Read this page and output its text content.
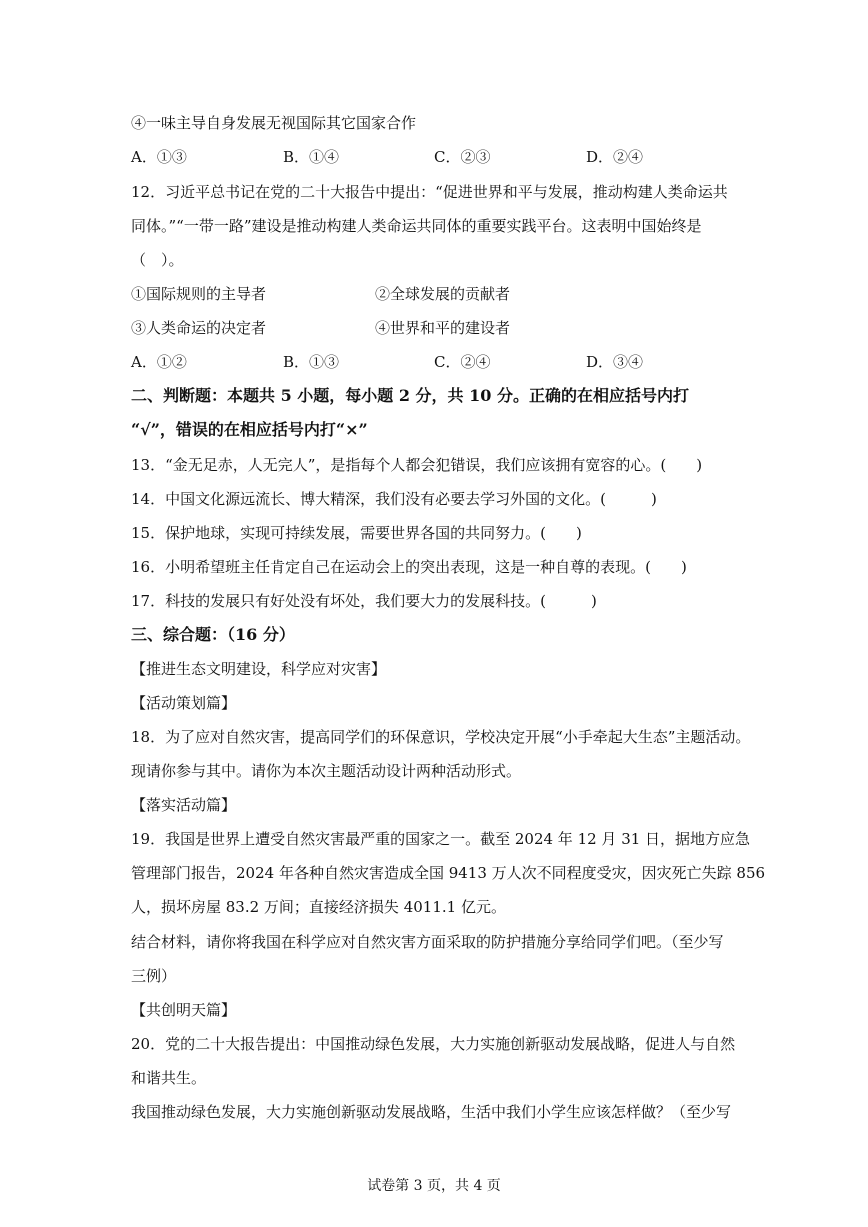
④一味主导自身发展无视国际其它国家合作
A．①③	B．①④	C．②③	D．②④
12．习近平总书记在党的二十大报告中提出：“促进世界和平与发展，推动构建人类命运共
同体。”“一带一路”建设是推动构建人类命运共同体的重要实践平台。这表明中国始终是
（　）。
①国际规则的主导者	②全球发展的贡献者
③人类命运的决定者	④世界和平的建设者
A．①②	B．①③	C．②④	D．③④
二、判断题：本题共 5 小题，每小题 2 分，共 10 分。正确的在相应括号内打
“√”，错误的在相应括号内打“×”
13．“金无足赤，人无完人”，是指每个人都会犯错误，我们应该拥有宽容的心。(　　)
14．中国文化源远流长、博大精深，我们没有必要去学习外国的文化。(　　　)
15．保护地球，实现可持续发展，需要世界各国的共同努力。(　　)
16．小明希望班主任肯定自己在运动会上的突出表现，这是一种自尊的表现。(　　)
17．科技的发展只有好处没有坏处，我们要大力的发展科技。(　　　)
三、综合题：（16 分）
【推进生态文明建设，科学应对灾害】
【活动策划篇】
18．为了应对自然灾害，提高同学们的环保意识，学校决定开展“小手牵起大生态”主题活动。
现请你参与其中。请你为本次主题活动设计两种活动形式。
【落实活动篇】
19．我国是世界上遭受自然灾害最严重的国家之一。截至 2024 年 12 月 31 日，据地方应急
管理部门报告，2024 年各种自然灾害造成全国 9413 万人次不同程度受灾，因灾死亡失踪 856
人，损坏房屋 83.2 万间；直接经济损失 4011.1 亿元。
结合材料，请你将我国在科学应对自然灾害方面采取的防护措施分享给同学们吧。（至少写
三例）
【共创明天篇】
20．党的二十大报告提出：中国推动绿色发展，大力实施创新驱动发展战略，促进人与自然
和谐共生。
我国推动绿色发展，大力实施创新驱动发展战略，生活中我们小学生应该怎样做？（至少写
试卷第 3 页，共 4 页
